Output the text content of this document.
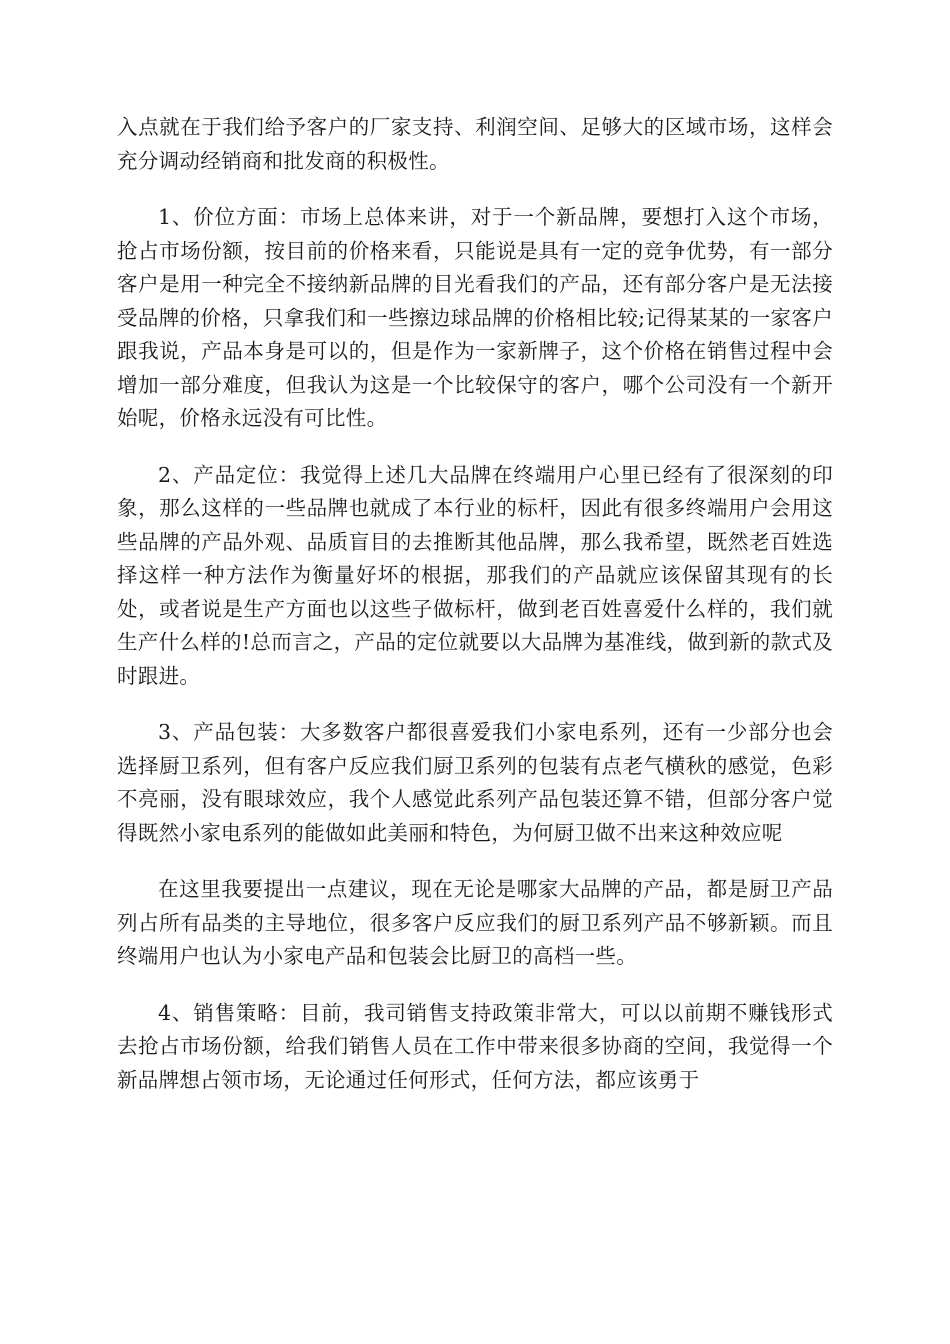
入点就在于我们给予客户的厂家支持、利润空间、足够大的区域市场，这样会充分调动经销商和批发商的积极性。

1、价位方面：市场上总体来讲，对于一个新品牌，要想打入这个市场，抢占市场份额，按目前的价格来看，只能说是具有一定的竞争优势，有一部分客户是用一种完全不接纳新品牌的目光看我们的产品，还有部分客户是无法接受品牌的价格，只拿我们和一些擦边球品牌的价格相比较;记得某某的一家客户跟我说，产品本身是可以的，但是作为一家新牌子，这个价格在销售过程中会增加一部分难度，但我认为这是一个比较保守的客户，哪个公司没有一个新开始呢，价格永远没有可比性。

2、产品定位：我觉得上述几大品牌在终端用户心里已经有了很深刻的印象，那么这样的一些品牌也就成了本行业的标杆，因此有很多终端用户会用这些品牌的产品外观、品质盲目的去推断其他品牌，那么我希望，既然老百姓选择这样一种方法作为衡量好坏的根据，那我们的产品就应该保留其现有的长处，或者说是生产方面也以这些子做标杆，做到老百姓喜爱什么样的，我们就生产什么样的!总而言之，产品的定位就要以大品牌为基准线，做到新的款式及时跟进。

3、产品包装：大多数客户都很喜爱我们小家电系列，还有一少部分也会选择厨卫系列，但有客户反应我们厨卫系列的包装有点老气横秋的感觉，色彩不亮丽，没有眼球效应，我个人感觉此系列产品包装还算不错，但部分客户觉得既然小家电系列的能做如此美丽和特色，为何厨卫做不出来这种效应呢

在这里我要提出一点建议，现在无论是哪家大品牌的产品，都是厨卫产品列占所有品类的主导地位，很多客户反应我们的厨卫系列产品不够新颖。而且终端用户也认为小家电产品和包装会比厨卫的高档一些。

4、销售策略：目前，我司销售支持政策非常大，可以以前期不赚钱形式去抢占市场份额，给我们销售人员在工作中带来很多协商的空间，我觉得一个新品牌想占领市场，无论通过任何形式，任何方法，都应该勇于
